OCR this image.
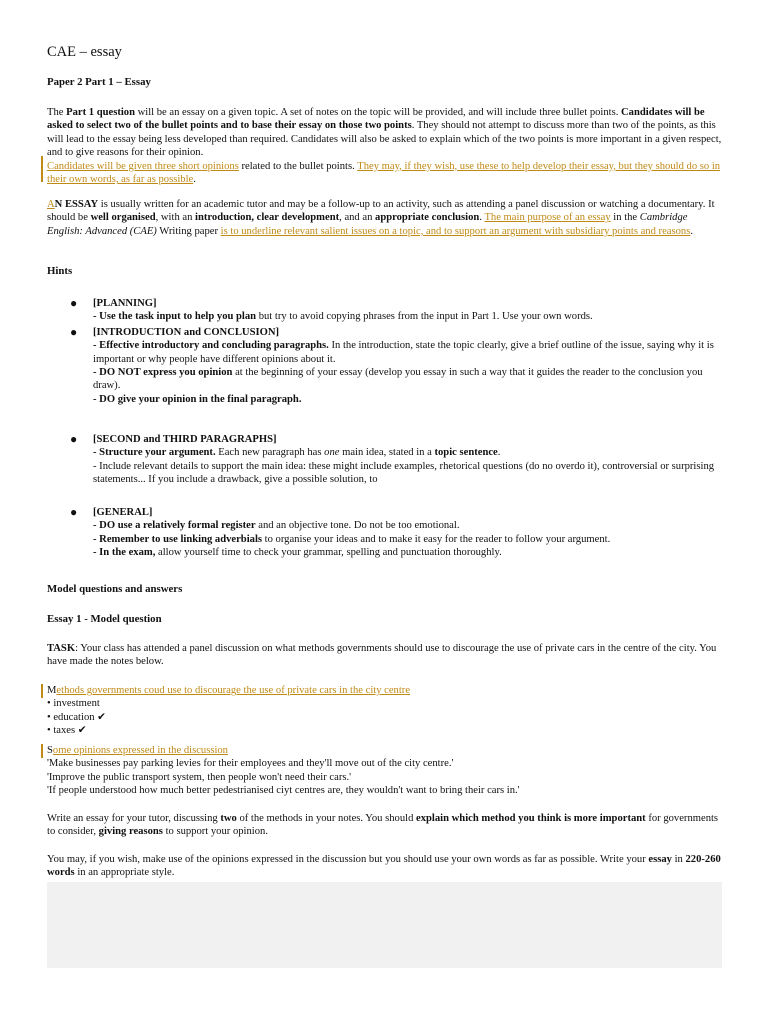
CAE – essay

Paper 2 Part 1 – Essay

The Part 1 question will be an essay on a given topic. A set of notes on the topic will be provided, and will include three bullet points. Candidates will be asked to select two of the bullet points and to base their essay on those two points. They should not attempt to discuss more than two of the points, as this will lead to the essay being less developed than required. Candidates will also be asked to explain which of the two points is more important in a given respect, and to give reasons for their opinion.
Candidates will be given three short opinions related to the bullet points. They may, if they wish, use these to help develop their essay, but they should do so in their own words, as far as possible.

AN ESSAY is usually written for an academic tutor and may be a follow-up to an activity, such as attending a panel discussion or watching a documentary. It should be well organised, with an introduction, clear development, and an appropriate conclusion. The main purpose of an essay in the Cambridge English: Advanced (CAE) Writing paper is to underline relevant salient issues on a topic, and to support an argument with subsidiary points and reasons.

Hints

● [PLANNING]
- Use the task input to help you plan but try to avoid copying phrases from the input in Part 1. Use your own words.
● [INTRODUCTION and CONCLUSION]
- Effective introductory and concluding paragraphs. In the introduction, state the topic clearly, give a brief outline of the issue, saying why it is important or why people have different opinions about it.
- DO NOT express you opinion at the beginning of your essay (develop you essay in such a way that it guides the reader to the conclusion you draw).
- DO give your opinion in the final paragraph.
● [SECOND and THIRD PARAGRAPHS]
- Structure your argument. Each new paragraph has one main idea, stated in a topic sentence.
- Include relevant details to support the main idea: these might include examples, rhetorical questions (do no overdo it), controversial or surprising statements... If you include a drawback, give a possible solution, to
● [GENERAL]
- DO use a relatively formal register and an objective tone. Do not be too emotional.
- Remember to use linking adverbials to organise your ideas and to make it easy for the reader to follow your argument.
- In the exam, allow yourself time to check your grammar, spelling and punctuation thoroughly.

Model questions and answers

Essay 1 - Model question

TASK: Your class has attended a panel discussion on what methods governments should use to discourage the use of private cars in the centre of the city. You have made the notes below.

Methods governments coud use to discourage the use of private cars in the city centre
• investment
• education ✔
• taxes ✔
Some opinions expressed in the discussion
'Make businesses pay parking levies for their employees and they'll move out of the city centre.'
'Improve the public transport system, then people won't need their cars.'
'If people understood how much better pedestrianised ciyt centres are, they wouldn't want to bring their cars in.'

Write an essay for your tutor, discussing two of the methods in your notes. You should explain which method you think is more important for governments to consider, giving reasons to support your opinion.

You may, if you wish, make use of the opinions expressed in the discussion but you should use your own words as far as possible. Write your essay in 220-260 words in an appropriate style.
